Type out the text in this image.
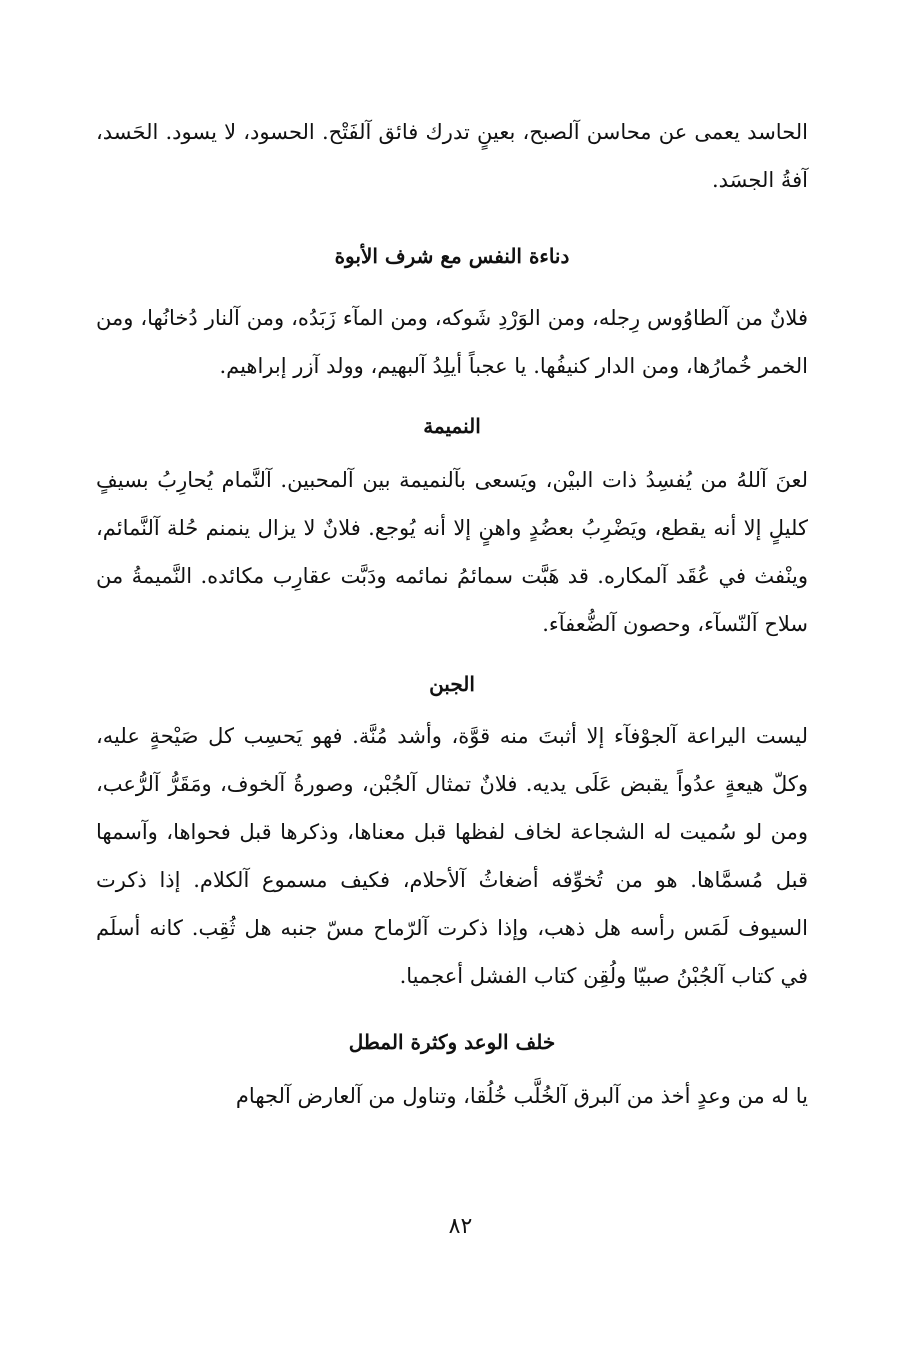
الحاسد يعمى عن محاسن آلصبح، بعينٍ تدرك فائق آلفَتْح. الحسود، لا يسود. الحَسد، آفةُ الجسَد.

دناءة النفس مع شرف الأبوة

فلانٌ من آلطاوُوس رِجله، ومن الوَرْدِ شَوكه، ومن المآء زَبَدُه، ومن آلنار دُخانُها، ومن الخمر خُمارُها، ومن الدار كنيفُها. يا عجباً أيلِدُ آلبهيم، وولد آزر إبراهيم.

النميمة

لعنَ آللهُ من يُفسِدُ ذات البيْن، ويَسعى بآلنميمة بين آلمحبين. آلنَّمام يُحارِبُ بسيفٍ كليلٍ إلا أنه يقطع، ويَضْرِبُ بعضُدٍ واهنٍ إلا أنه يُوجع. فلانٌ لا يزال ينمنم حُلة آلنَّمائم، وينْفث في عُقَد آلمكاره. قد هَبَّت سمائمُ نمائمه ودَبَّت عقارِب مكائده. النَّميمةُ من سلاح آلنّسآء، وحصون آلضُّعفآء.

الجبن

ليست اليراعة آلجوْفآء إلا أثبتَ منه قوَّة، وأشد مُنَّة. فهو يَحسِب كل صَيْحةٍ عليه، وكلّ هيعةٍ عدُواً يقبض عَلَى يديه. فلانٌ تمثال آلجُبْن، وصورةُ آلخوف، ومَقَرُّ آلرُّعب، ومن لو سُميت له الشجاعة لخاف لفظها قبل معناها، وذكرها قبل فحواها، وآسمها قبل مُسمَّاها. هو من تُخوِّفه أضغاثُ آلأحلام، فكيف مسموع آلكلام. إذا ذكرت السيوف لَمَس رأسه هل ذهب، وإذا ذكرت آلرّماح مسّ جنبه هل ثُقِب. كانه أسلَم في كتاب آلجُبْنُ صبيّا ولُقِن كتاب الفشل أعجميا.

خلف الوعد وكثرة المطل

يا له من وعدٍ أخذ من آلبرق آلخُلَّب خُلُقا، وتناول من آلعارض آلجهام

٨٢
